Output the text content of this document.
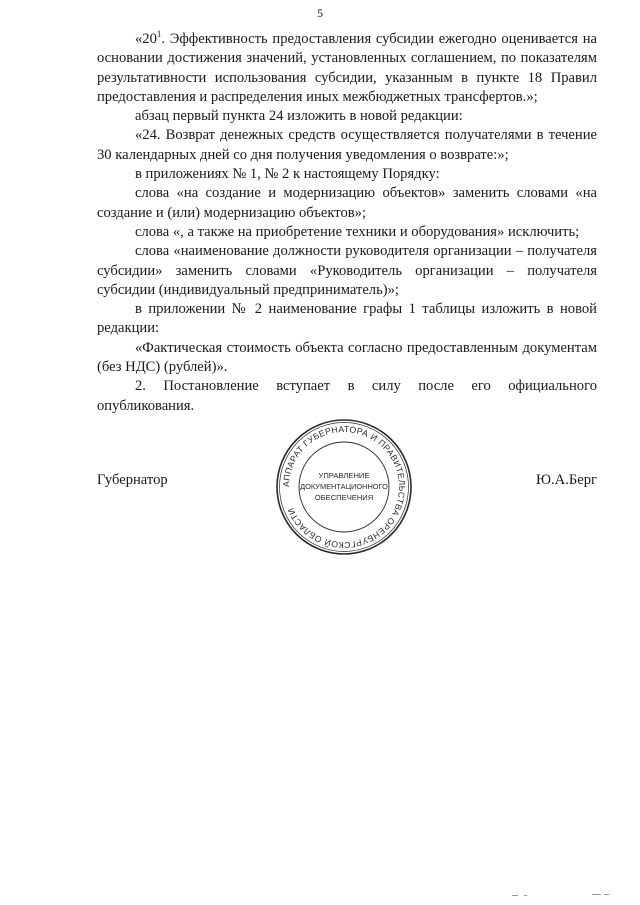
5

«$20^1$. Эффективность предоставления субсидии ежегодно оценивается на основании достижения значений, установленных соглашением, по показателям результативности использования субсидии, указанным в пункте 18 Правил предоставления и распределения иных межбюджетных трансфертов.»;

абзац первый пункта 24 изложить в новой редакции:

«24. Возврат денежных средств осуществляется получателями в течение 30 календарных дней со дня получения уведомления о возврате:»;

в приложениях № 1, № 2 к настоящему Порядку:

слова «на создание и модернизацию объектов» заменить словами «на создание и (или) модернизацию объектов»;

слова «, а также на приобретение техники и оборудования» исключить;

слова «наименование должности руководителя организации – получателя субсидии» заменить словами «Руководитель организации – получателя субсидии (индивидуальный предприниматель)»;

в приложении № 2 наименование графы 1 таблицы изложить в новой редакции:

«Фактическая стоимость объекта согласно предоставленным документам (без НДС) (рублей)».

2. Постановление вступает в силу после его официального опубликования.

Губернатор	Ю.А.Берг
АППАРАТ ГУБЕРНАТОРА И ПРАВИТЕЛЬСТВА ОРЕНБУРГСКОЙ ОБЛАСТИ
УПРАВЛЕНИЕ
ДОКУМЕНТАЦИОННОГО
ОБЕСПЕЧЕНИЯ
